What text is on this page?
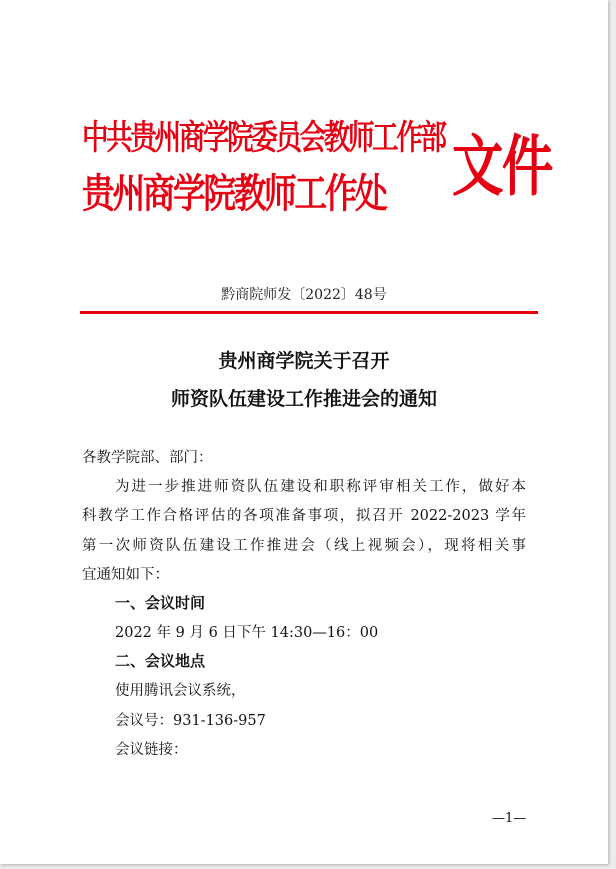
中共贵州商学院委员会教师工作部
贵州商学院教师工作处 文件
黔商院师发〔2022〕48号
贵州商学院关于召开
师资队伍建设工作推进会的通知
各教学院部、部门：
为进一步推进师资队伍建设和职称评审相关工作，做好本
科教学工作合格评估的各项准备事项，拟召开 2022-2023 学年
第一次师资队伍建设工作推进会（线上视频会），现将相关事
宜通知如下：
一、会议时间
2022 年 9 月 6 日下午 14:30—16：00
二、会议地点
使用腾讯会议系统，
会议号：931-136-957
会议链接：
—1—
